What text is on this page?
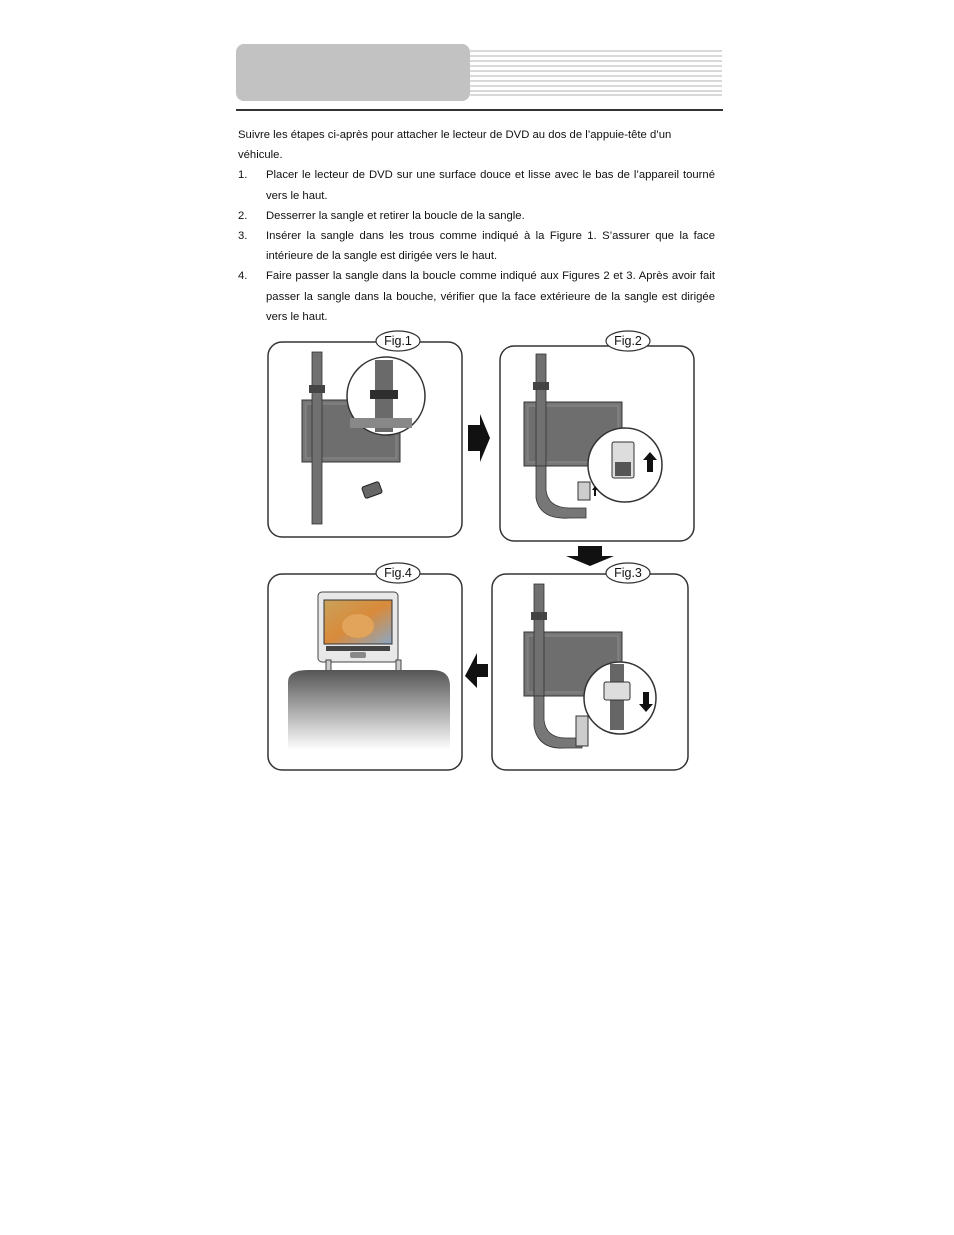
Suivre les étapes ci-après pour attacher le lecteur de DVD au dos de l’appuie-tête d’un véhicule.

1. Placer le lecteur de DVD sur une surface douce et lisse avec le bas de l’appareil tourné vers le haut.
2. Desserrer la sangle et retirer la boucle de la sangle.
3. Insérer la sangle dans les trous comme indiqué à la Figure 1. S’assurer que la face intérieure de la sangle est dirigée vers le haut.
4. Faire passer la sangle dans la boucle comme indiqué aux Figures 2 et 3. Après avoir fait passer la sangle dans la bouche, vérifier que la face extérieure de la sangle est dirigée vers le haut.
Fig.1	Fig.2
Fig.3
Fig.4
